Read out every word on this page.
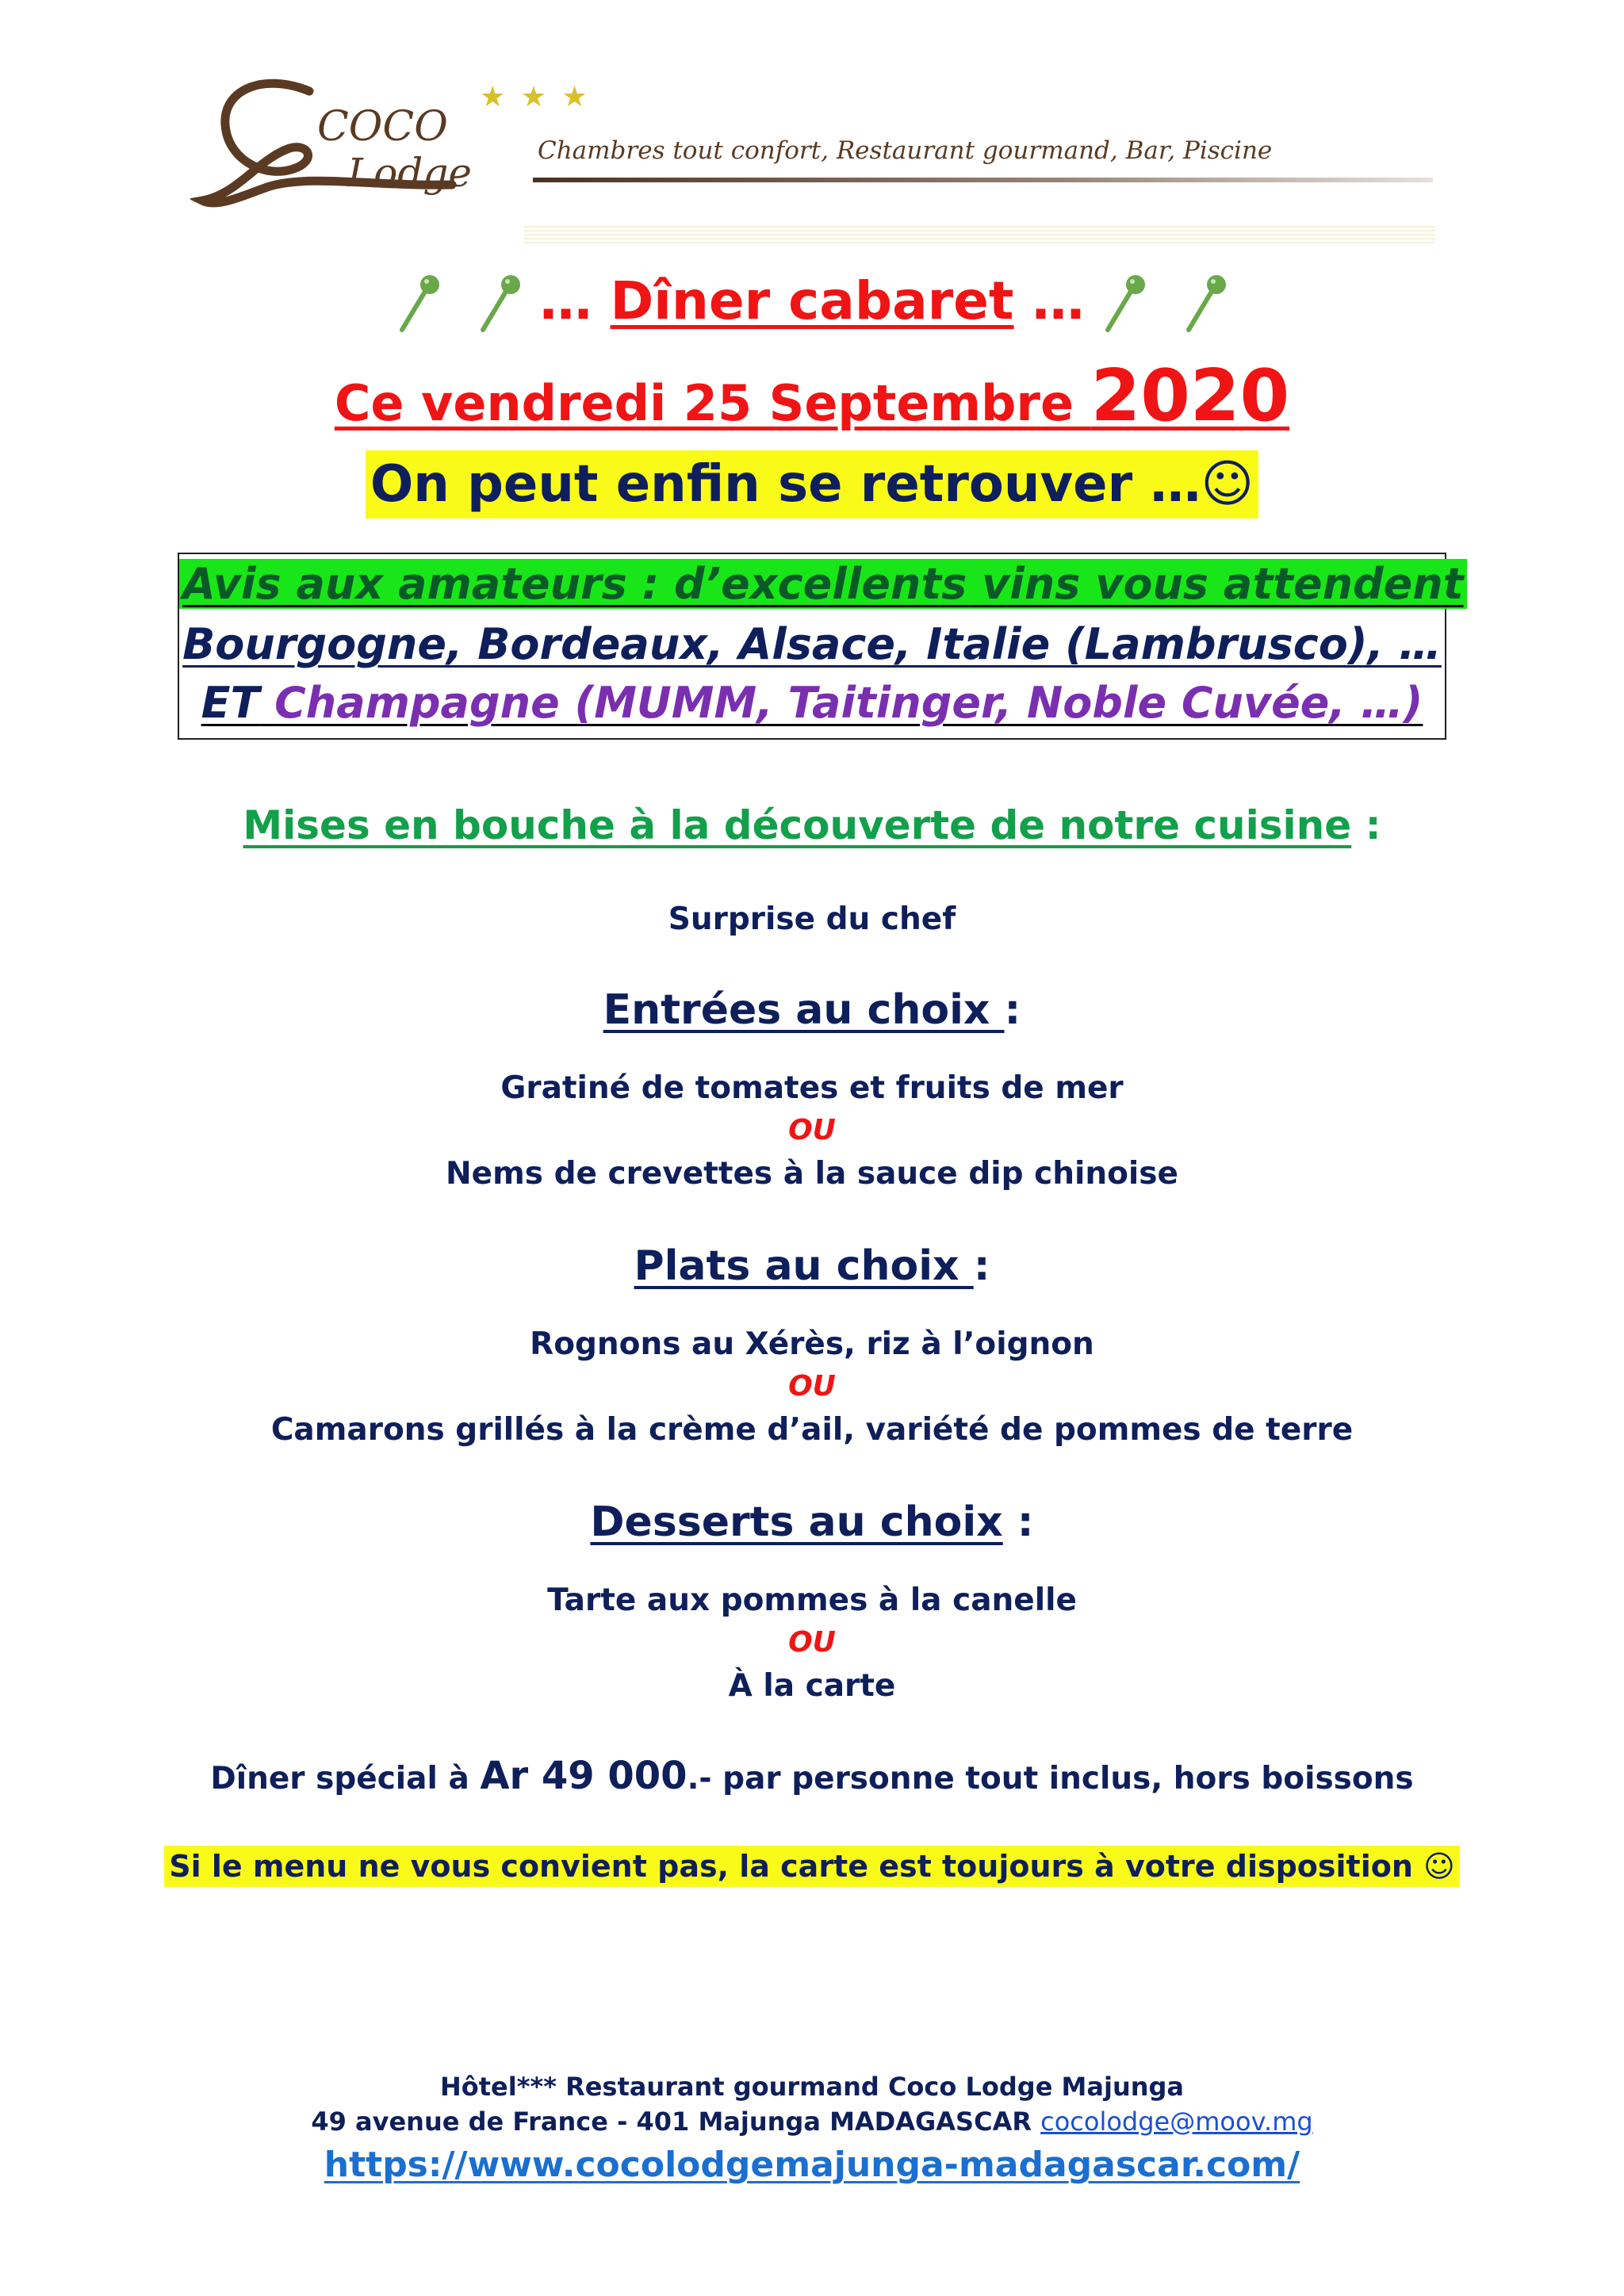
COCO
Lodge
★ ★ ★
Chambres tout confort, Restaurant gourmand, Bar, Piscine
… Dîner cabaret …
Ce vendredi 25 Septembre 2020
On peut enfin se retrouver …☺
Avis aux amateurs : d’excellents vins vous attendent
Bourgogne, Bordeaux, Alsace, Italie (Lambrusco), …
ET Champagne (MUMM, Taitinger, Noble Cuvée, …)
Mises en bouche à la découverte de notre cuisine :
Surprise du chef
Entrées au choix :
Gratiné de tomates et fruits de mer
OU
Nems de crevettes à la sauce dip chinoise
Plats au choix :
Rognons au Xérès, riz à l’oignon
OU
Camarons grillés à la crème d’ail, variété de pommes de terre
Desserts au choix :
Tarte aux pommes à la canelle
OU
À la carte
Dîner spécial à Ar 49 000.- par personne tout inclus, hors boissons
Si le menu ne vous convient pas, la carte est toujours à votre disposition ☺
Hôtel*** Restaurant gourmand Coco Lodge Majunga
49 avenue de France - 401 Majunga MADAGASCAR cocolodge@moov.mg
https://www.cocolodgemajunga-madagascar.com/
